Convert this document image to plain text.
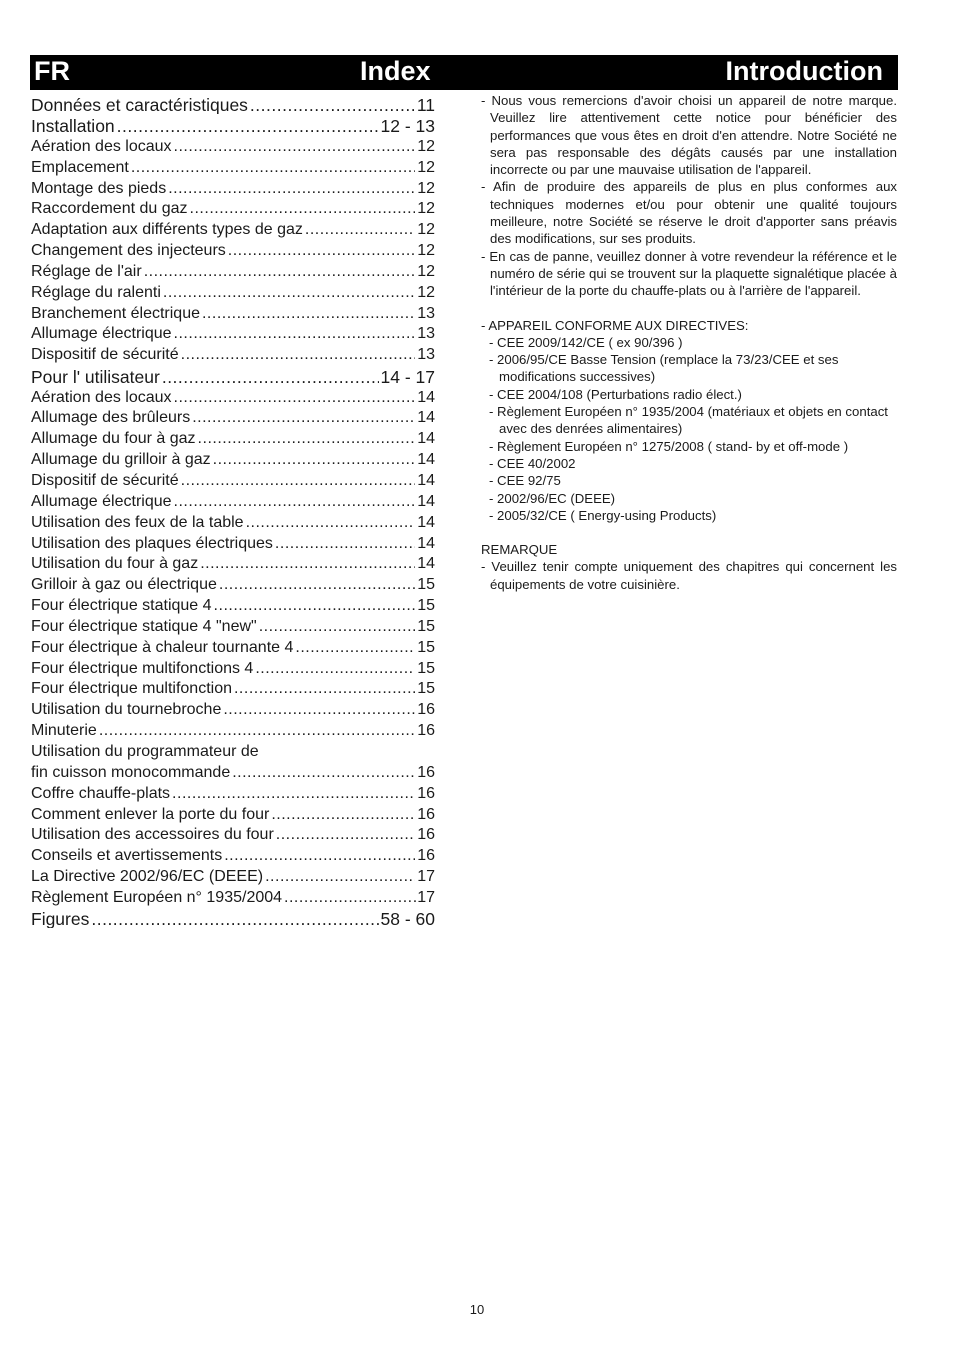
FR	Index	Introduction
Données et caractéristiques .....	11
Installation .....	12 - 13
Aération des locaux .....	12
Emplacement .....	12
Montage des pieds .....	12
Raccordement du gaz .....	12
Adaptation aux différents types de gaz .....	12
Changement des injecteurs .....	12
Réglage de l'air .....	12
Réglage du ralenti .....	12
Branchement électrique .....	13
Allumage électrique .....	13
Dispositif de sécurité .....	13
Pour l' utilisateur .....	14 - 17
Aération des locaux .....	14
Allumage des brûleurs .....	14
Allumage du four à gaz .....	14
Allumage du grilloir à gaz .....	14
Dispositif de sécurité .....	14
Allumage électrique .....	14
Utilisation des feux de la table .....	14
Utilisation des plaques électriques .....	14
Utilisation du four à gaz .....	14
Grilloir à gaz ou électrique .....	15
Four électrique statique 4 .....	15
Four électrique statique 4 "new" .....	15
Four électrique à chaleur tournante 4 .....	15
Four électrique multifonctions 4 .....	15
Four électrique multifonction .....	15
Utilisation du tournebroche .....	16
Minuterie .....	16
Utilisation du programmateur de
fin cuisson monocommande .....	16
Coffre chauffe-plats .....	16
Comment enlever la porte du four .....	16
Utilisation des accessoires du four .....	16
Conseils et avertissements .....	16
La Directive 2002/96/EC (DEEE) .....	17
Règlement Européen n° 1935/2004 .....	.17
Figures .....	58 - 60

- Nous vous remercions d'avoir choisi un appareil de notre marque. Veuillez lire attentivement cette notice pour bénéficier des performances que vous êtes en droit d'en attendre. Notre Société ne sera pas responsable des dégâts causés par une installation incorrecte ou par une mauvaise utilisation de l'appareil.

- Afin de produire des appareils de plus en plus conformes aux techniques modernes et/ou pour obtenir une qualité toujours meilleure, notre Société se réserve le droit d'apporter sans préavis des modifications, sur ses produits.

- En cas de panne, veuillez donner à votre revendeur la référence et le numéro de série qui se trouvent sur la plaquette signalétique placée à l'intérieur de la porte du chauffe-plats ou à l'arrière de l'appareil.

- APPAREIL CONFORME AUX DIRECTIVES:

- CEE 2009/142/CE ( ex 90/396 )

- 2006/95/CE Basse Tension (remplace la 73/23/CEE et ses modifications successives)

- CEE 2004/108 (Perturbations radio élect.)

- Règlement Européen n° 1935/2004 (matériaux et objets en contact avec des denrées alimentaires)

- Règlement Européen n° 1275/2008 ( stand- by et off-mode )

- CEE 40/2002

- CEE 92/75

- 2002/96/EC (DEEE)

- 2005/32/CE ( Energy-using Products)

REMARQUE

- Veuillez tenir compte uniquement des chapitres qui concernent les équipements de votre cuisinière.

10
